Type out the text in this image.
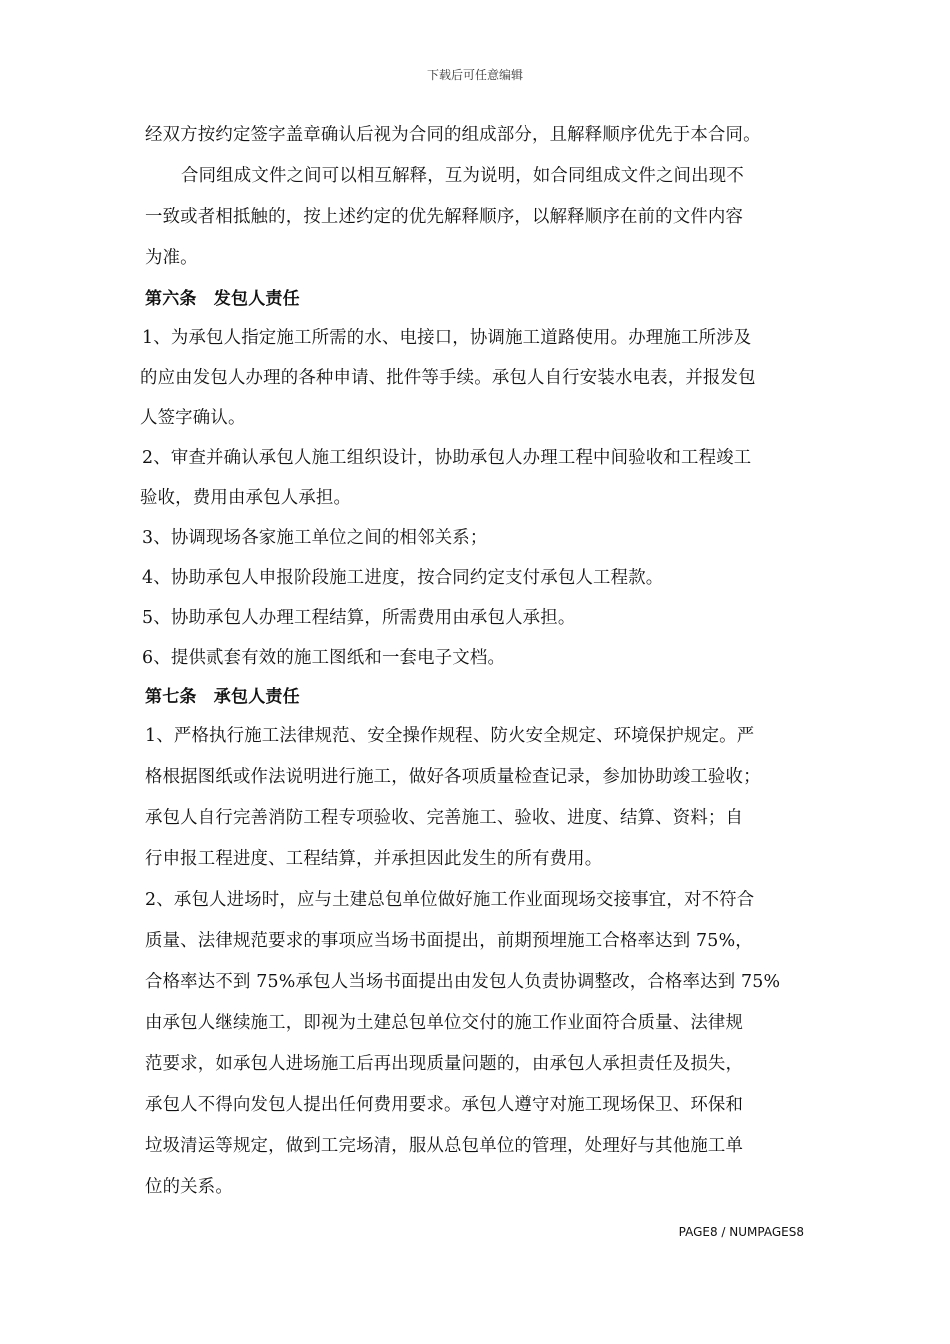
下载后可任意编辑
经双方按约定签字盖章确认后视为合同的组成部分，且解释顺序优先于本合同。
合同组成文件之间可以相互解释，互为说明，如合同组成文件之间出现不
一致或者相抵触的，按上述约定的优先解释顺序，以解释顺序在前的文件内容
为准。
第六条　发包人责任
1、为承包人指定施工所需的水、电接口，协调施工道路使用。办理施工所涉及
的应由发包人办理的各种申请、批件等手续。承包人自行安装水电表，并报发包
人签字确认。
2、审查并确认承包人施工组织设计，协助承包人办理工程中间验收和工程竣工
验收，费用由承包人承担。
3、协调现场各家施工单位之间的相邻关系；
4、协助承包人申报阶段施工进度，按合同约定支付承包人工程款。
5、协助承包人办理工程结算，所需费用由承包人承担。
6、提供贰套有效的施工图纸和一套电子文档。
第七条　承包人责任
1、严格执行施工法律规范、安全操作规程、防火安全规定、环境保护规定。严
格根据图纸或作法说明进行施工，做好各项质量检查记录，参加协助竣工验收；
承包人自行完善消防工程专项验收、完善施工、验收、进度、结算、资料；自
行申报工程进度、工程结算，并承担因此发生的所有费用。
2、承包人进场时，应与土建总包单位做好施工作业面现场交接事宜，对不符合
质量、法律规范要求的事项应当场书面提出，前期预埋施工合格率达到 75%，
合格率达不到 75%承包人当场书面提出由发包人负责协调整改，合格率达到 75%
由承包人继续施工，即视为土建总包单位交付的施工作业面符合质量、法律规
范要求，如承包人进场施工后再出现质量问题的，由承包人承担责任及损失，
承包人不得向发包人提出任何费用要求。承包人遵守对施工现场保卫、环保和
垃圾清运等规定，做到工完场清，服从总包单位的管理，处理好与其他施工单
位的关系。
PAGE8 / NUMPAGES8
